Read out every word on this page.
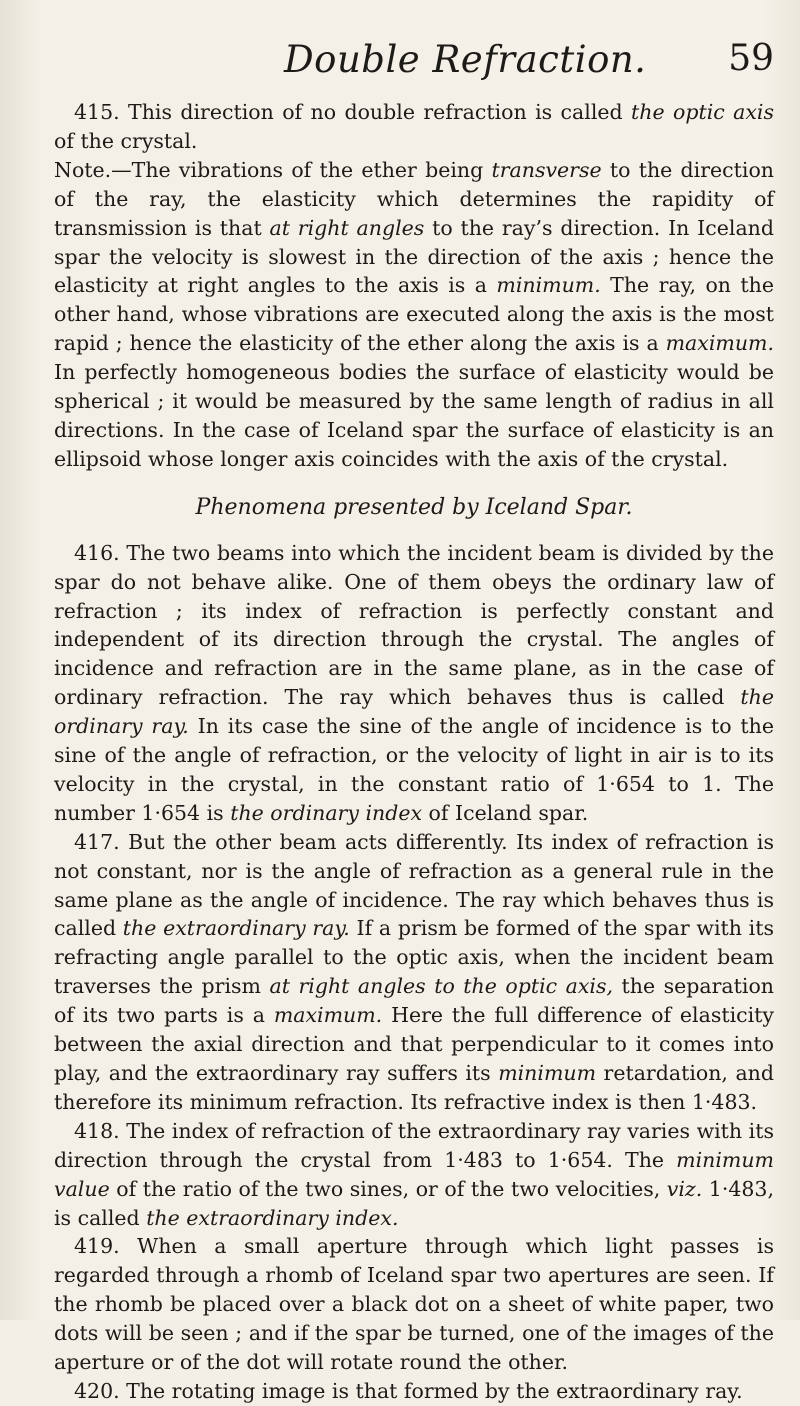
Double Refraction. 59

415. This direction of no double refraction is called the optic axis of the crystal.

Note.—The vibrations of the ether being transverse to the direction of the ray, the elasticity which determines the rapidity of transmission is that at right angles to the ray’s direction. In Iceland spar the velocity is slowest in the direction of the axis ; hence the elasticity at right angles to the axis is a minimum. The ray, on the other hand, whose vibrations are executed along the axis is the most rapid ; hence the elasticity of the ether along the axis is a maximum. In perfectly homogeneous bodies the surface of elasticity would be spherical ; it would be measured by the same length of radius in all directions. In the case of Iceland spar the surface of elasticity is an ellipsoid whose longer axis coincides with the axis of the crystal.

Phenomena presented by Iceland Spar.

416. The two beams into which the incident beam is divided by the spar do not behave alike. One of them obeys the ordinary law of refraction ; its index of refraction is perfectly constant and independent of its direction through the crystal. The angles of incidence and refraction are in the same plane, as in the case of ordinary refraction. The ray which behaves thus is called the ordinary ray. In its case the sine of the angle of incidence is to the sine of the angle of refraction, or the velocity of light in air is to its velocity in the crystal, in the constant ratio of 1·654 to 1. The number 1·654 is the ordinary index of Iceland spar.

417. But the other beam acts differently. Its index of refraction is not constant, nor is the angle of refraction as a general rule in the same plane as the angle of incidence. The ray which behaves thus is called the extraordinary ray. If a prism be formed of the spar with its refracting angle parallel to the optic axis, when the incident beam traverses the prism at right angles to the optic axis, the separation of its two parts is a maximum. Here the full difference of elasticity between the axial direction and that perpendicular to it comes into play, and the extraordinary ray suffers its minimum retardation, and therefore its minimum refraction. Its refractive index is then 1·483.

418. The index of refraction of the extraordinary ray varies with its direction through the crystal from 1·483 to 1·654. The minimum value of the ratio of the two sines, or of the two velocities, viz. 1·483, is called the extraordinary index.

419. When a small aperture through which light passes is regarded through a rhomb of Iceland spar two apertures are seen. If the rhomb be placed over a black dot on a sheet of white paper, two dots will be seen ; and if the spar be turned, one of the images of the aperture or of the dot will rotate round the other.

420. The rotating image is that formed by the extraordinary ray.
